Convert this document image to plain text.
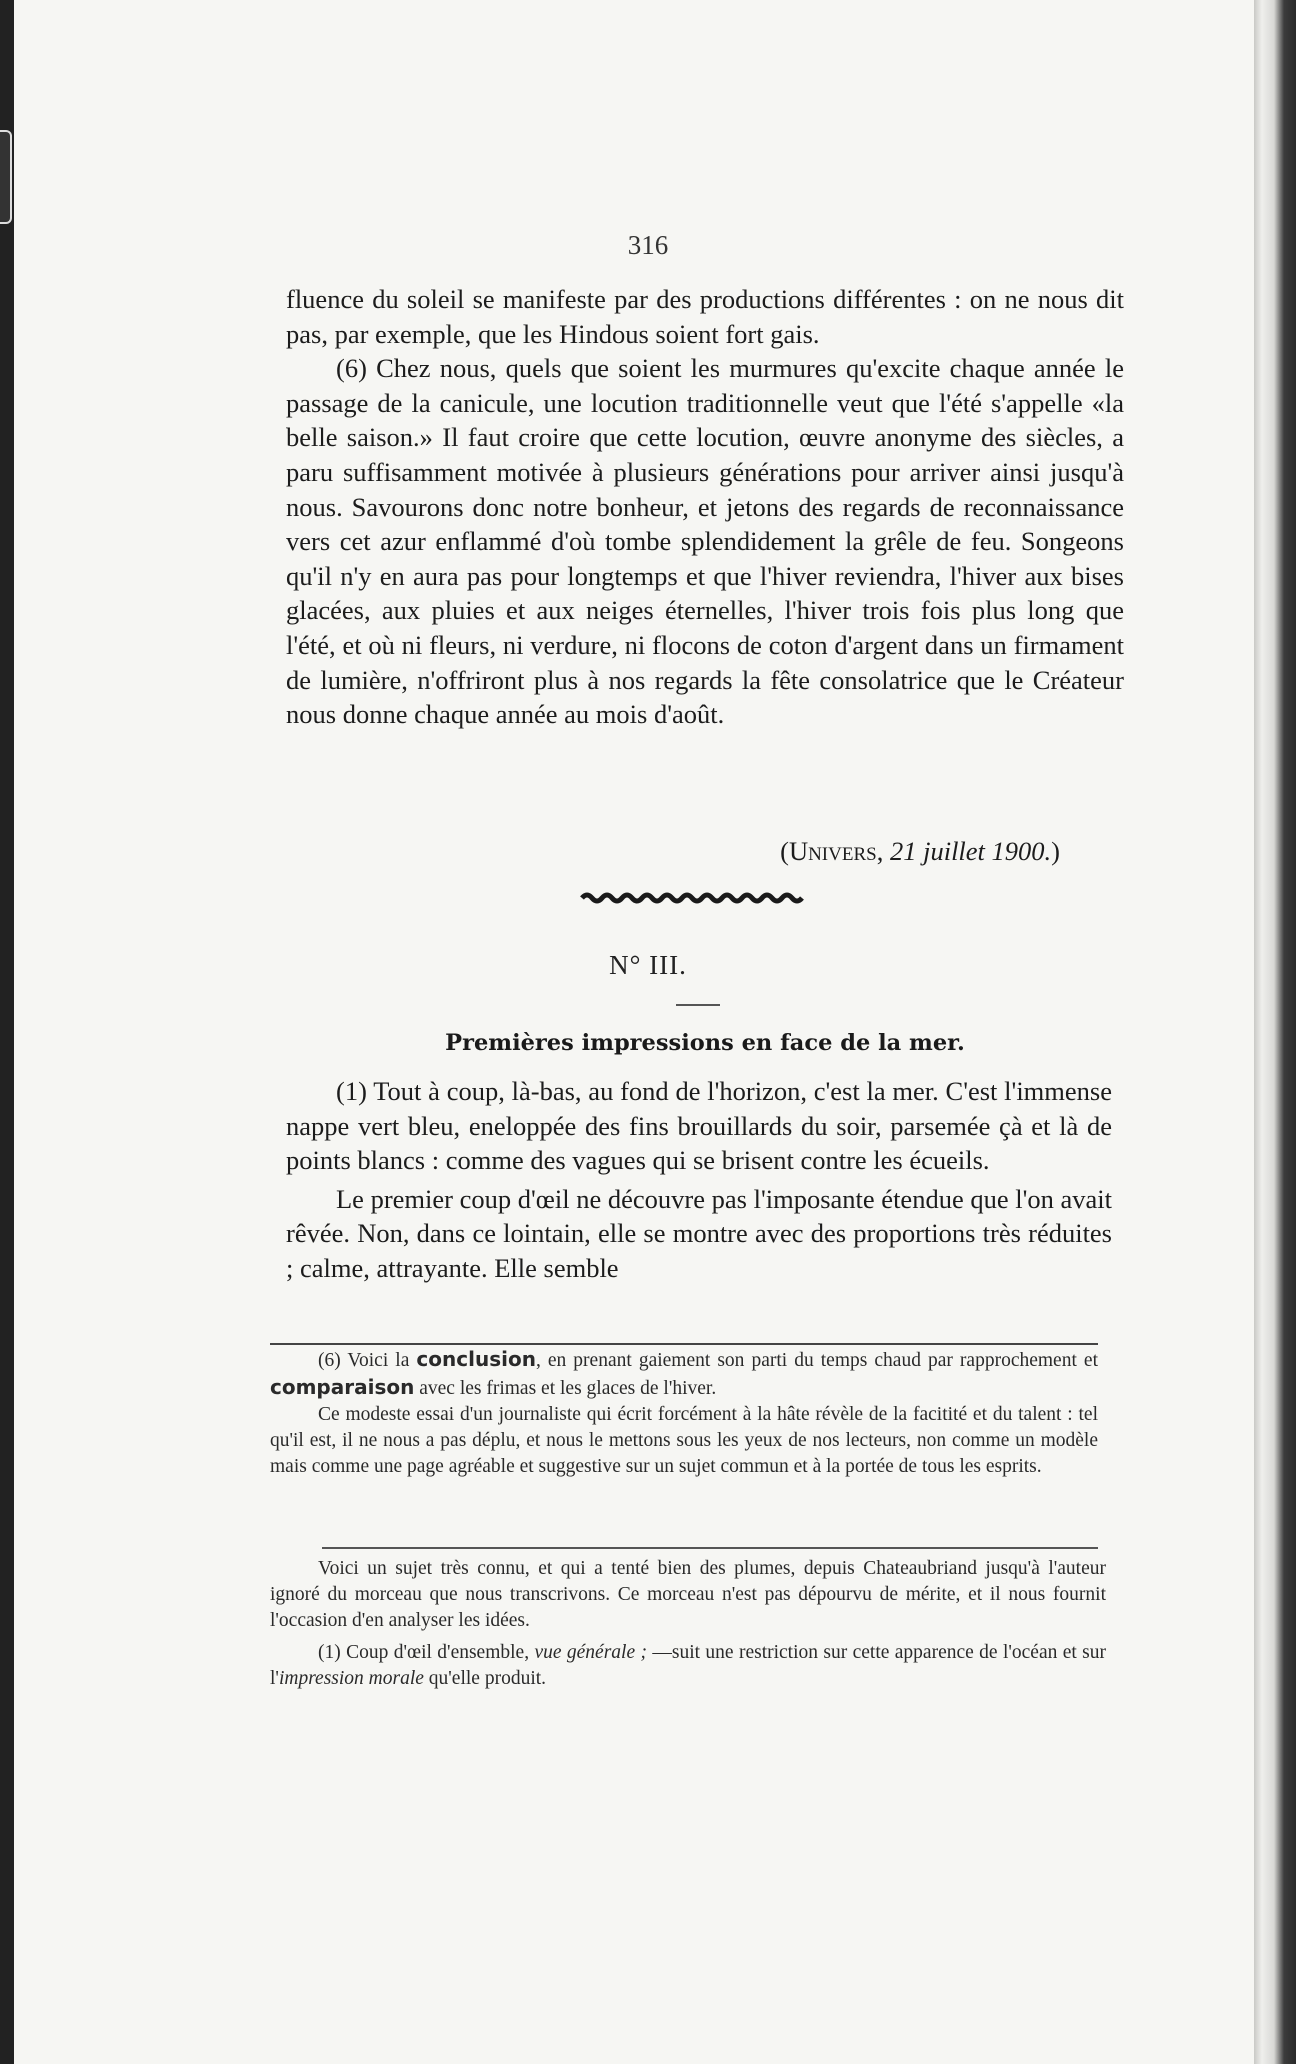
316

fluence du soleil se manifeste par des productions différentes : on ne nous dit pas, par exemple, que les Hindous soient fort gais.

(6) Chez nous, quels que soient les murmures qu'excite chaque année le passage de la canicule, une locution traditionnelle veut que l'été s'appelle «la belle saison.» Il faut croire que cette locution, œuvre anonyme des siècles, a paru suffisamment motivée à plusieurs générations pour arriver ainsi jusqu'à nous. Savourons donc notre bonheur, et jetons des regards de reconnaissance vers cet azur enflammé d'où tombe splendidement la grêle de feu. Songeons qu'il n'y en aura pas pour longtemps et que l'hiver reviendra, l'hiver aux bises glacées, aux pluies et aux neiges éternelles, l'hiver trois fois plus long que l'été, et où ni fleurs, ni verdure, ni flocons de coton d'argent dans un firmament de lumière, n'offriront plus à nos regards la fête consolatrice que le Créateur nous donne chaque année au mois d'août.

(Univers, 21 juillet 1900.)
N° III.
Premières impressions en face de la mer.

(1) Tout à coup, là-bas, au fond de l'horizon, c'est la mer. C'est l'immense nappe vert bleu, eneloppée des fins brouillards du soir, parsemée çà et là de points blancs : comme des vagues qui se brisent contre les écueils.

Le premier coup d'œil ne découvre pas l'imposante étendue que l'on avait rêvée. Non, dans ce lointain, elle se montre avec des proportions très réduites ; calme, attrayante. Elle semble

(6) Voici la conclusion, en prenant gaiement son parti du temps chaud par rapprochement et comparaison avec les frimas et les glaces de l'hiver.

Ce modeste essai d'un journaliste qui écrit forcément à la hâte révèle de la facitité et du talent : tel qu'il est, il ne nous a pas déplu, et nous le mettons sous les yeux de nos lecteurs, non comme un modèle mais comme une page agréable et suggestive sur un sujet commun et à la portée de tous les esprits.

Voici un sujet très connu, et qui a tenté bien des plumes, depuis Chateaubriand jusqu'à l'auteur ignoré du morceau que nous transcrivons. Ce morceau n'est pas dépourvu de mérite, et il nous fournit l'occasion d'en analyser les idées.

(1) Coup d'œil d'ensemble, vue générale ; —suit une restriction sur cette apparence de l'océan et sur l'impression morale qu'elle produit.
